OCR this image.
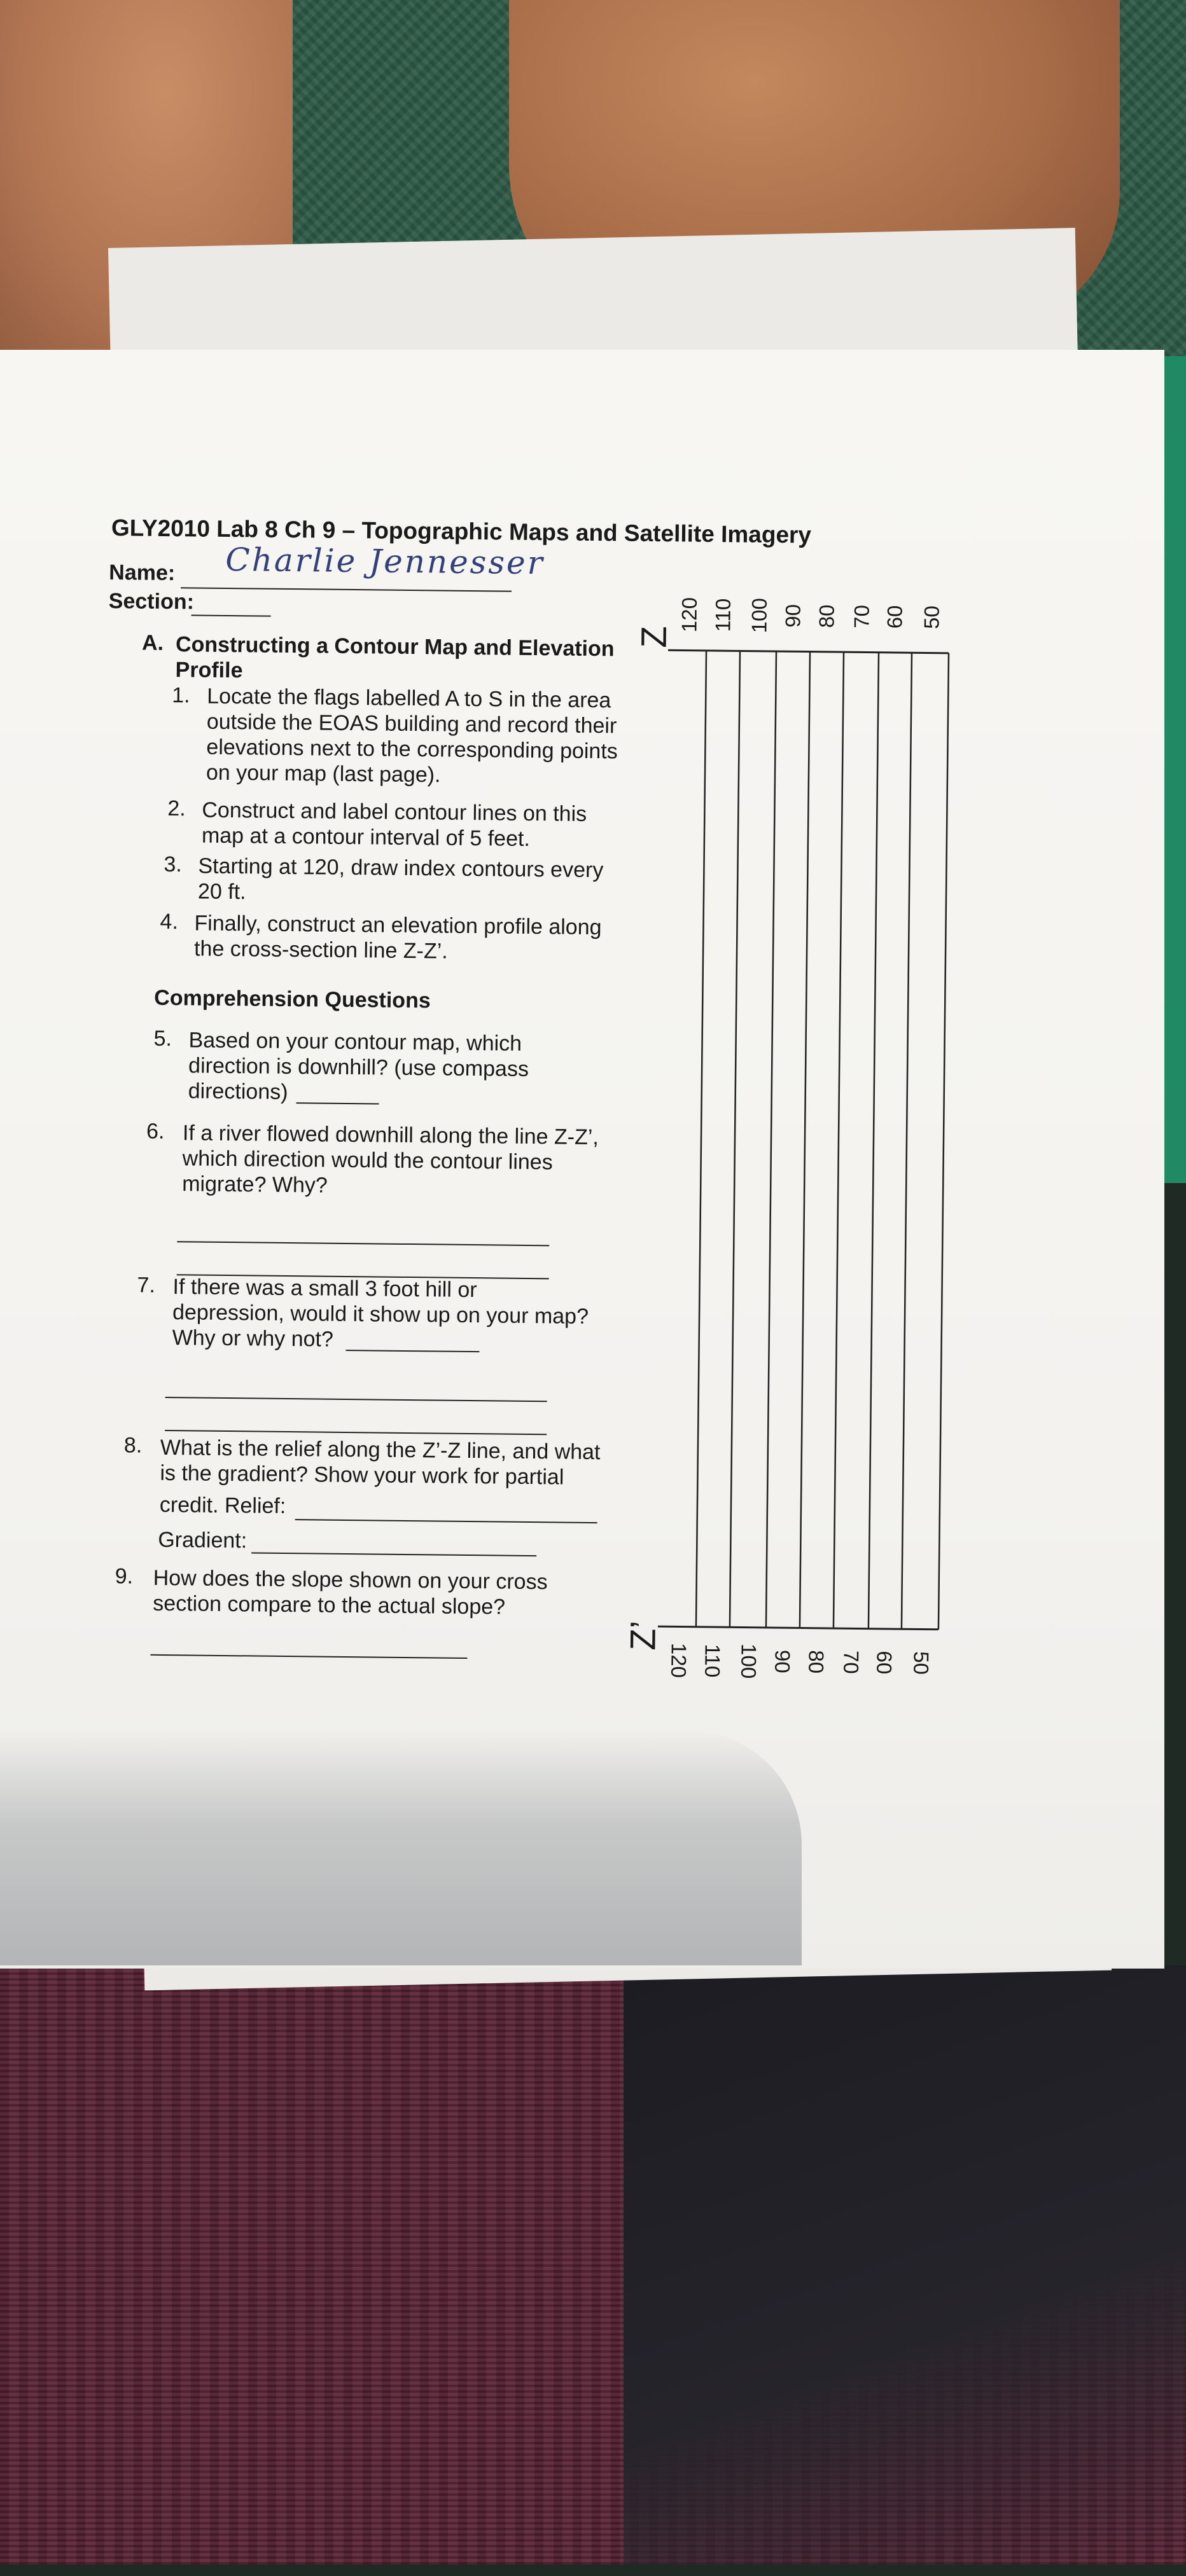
GLY2010 Lab 8 Ch 9 – Topographic Maps and Satellite Imagery
Name: Charlie Jennesser
Section:
A. Constructing a Contour Map and Elevation
Profile
1. Locate the flags labelled A to S in the area
outside the EOAS building and record their
elevations next to the corresponding points
on your map (last page).
2. Construct and label contour lines on this
map at a contour interval of 5 feet.
3. Starting at 120, draw index contours every
20 ft.
4. Finally, construct an elevation profile along
the cross-section line Z-Z’.
Comprehension Questions
5. Based on your contour map, which
direction is downhill? (use compass
directions)
6. If a river flowed downhill along the line Z-Z’,
which direction would the contour lines
migrate? Why?
7. If there was a small 3 foot hill or
depression, would it show up on your map?
Why or why not?
8. What is the relief along the Z’-Z line, and what
is the gradient? Show your work for partial
credit. Relief:
Gradient:
9. How does the slope shown on your cross
section compare to the actual slope?
Z
Z’
120
120
110
110
100
100
90
90
80
80
70
70
60
60
50
50
